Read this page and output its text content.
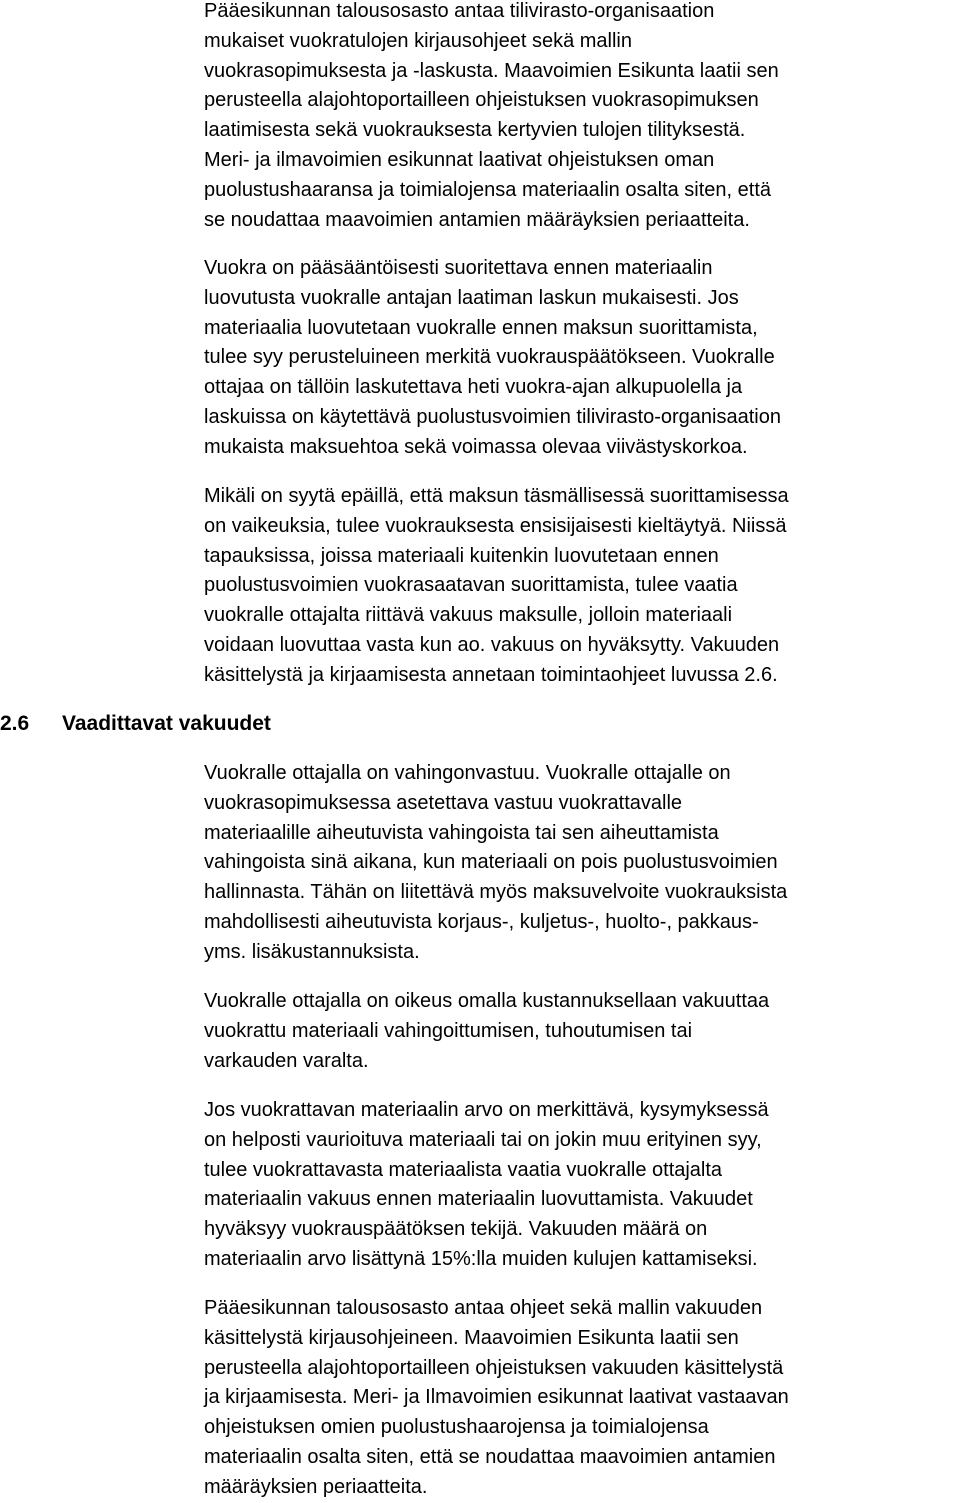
2.6 Vaadittavat vakuudet

Pääesikunnan talousosasto antaa tilivirasto-organisaation
mukaiset vuokratulojen kirjausohjeet sekä mallin
vuokrasopimuksesta ja -laskusta. Maavoimien Esikunta laatii sen
perusteella alajohtoportailleen ohjeistuksen vuokrasopimuksen
laatimisesta sekä vuokrauksesta kertyvien tulojen tilityksestä.
Meri- ja ilmavoimien esikunnat laativat ohjeistuksen oman
puolustushaaransa ja toimialojensa materiaalin osalta siten, että
se noudattaa maavoimien antamien määräyksien periaatteita.

Vuokra on pääsääntöisesti suoritettava ennen materiaalin
luovutusta vuokralle antajan laatiman laskun mukaisesti. Jos
materiaalia luovutetaan vuokralle ennen maksun suorittamista,
tulee syy perusteluineen merkitä vuokrauspäätökseen. Vuokralle
ottajaa on tällöin laskutettava heti vuokra-ajan alkupuolella ja
laskuissa on käytettävä puolustusvoimien tilivirasto-organisaation
mukaista maksuehtoa sekä voimassa olevaa viivästyskorkoa.

Mikäli on syytä epäillä, että maksun täsmällisessä suorittamisessa
on vaikeuksia, tulee vuokrauksesta ensisijaisesti kieltäytyä. Niissä
tapauksissa, joissa materiaali kuitenkin luovutetaan ennen
puolustusvoimien vuokrasaatavan suorittamista, tulee vaatia
vuokralle ottajalta riittävä vakuus maksulle, jolloin materiaali
voidaan luovuttaa vasta kun ao. vakuus on hyväksytty. Vakuuden
käsittelystä ja kirjaamisesta annetaan toimintaohjeet luvussa 2.6.

Vuokralle ottajalla on vahingonvastuu. Vuokralle ottajalle on
vuokrasopimuksessa asetettava vastuu vuokrattavalle
materiaalille aiheutuvista vahingoista tai sen aiheuttamista
vahingoista sinä aikana, kun materiaali on pois puolustusvoimien
hallinnasta. Tähän on liitettävä myös maksuvelvoite vuokrauksista
mahdollisesti aiheutuvista korjaus-, kuljetus-, huolto-, pakkaus-
yms. lisäkustannuksista.

Vuokralle ottajalla on oikeus omalla kustannuksellaan vakuuttaa
vuokrattu materiaali vahingoittumisen, tuhoutumisen tai
varkauden varalta.

Jos vuokrattavan materiaalin arvo on merkittävä, kysymyksessä
on helposti vaurioituva materiaali tai on jokin muu erityinen syy,
tulee vuokrattavasta materiaalista vaatia vuokralle ottajalta
materiaalin vakuus ennen materiaalin luovuttamista. Vakuudet
hyväksyy vuokrauspäätöksen tekijä. Vakuuden määrä on
materiaalin arvo lisättynä 15%:lla muiden kulujen kattamiseksi.

Pääesikunnan talousosasto antaa ohjeet sekä mallin vakuuden
käsittelystä kirjausohjeineen. Maavoimien Esikunta laatii sen
perusteella alajohtoportailleen ohjeistuksen vakuuden käsittelystä
ja kirjaamisesta. Meri- ja Ilmavoimien esikunnat laativat vastaavan
ohjeistuksen omien puolustushaarojensa ja toimialojensa
materiaalin osalta siten, että se noudattaa maavoimien antamien
määräyksien periaatteita.
